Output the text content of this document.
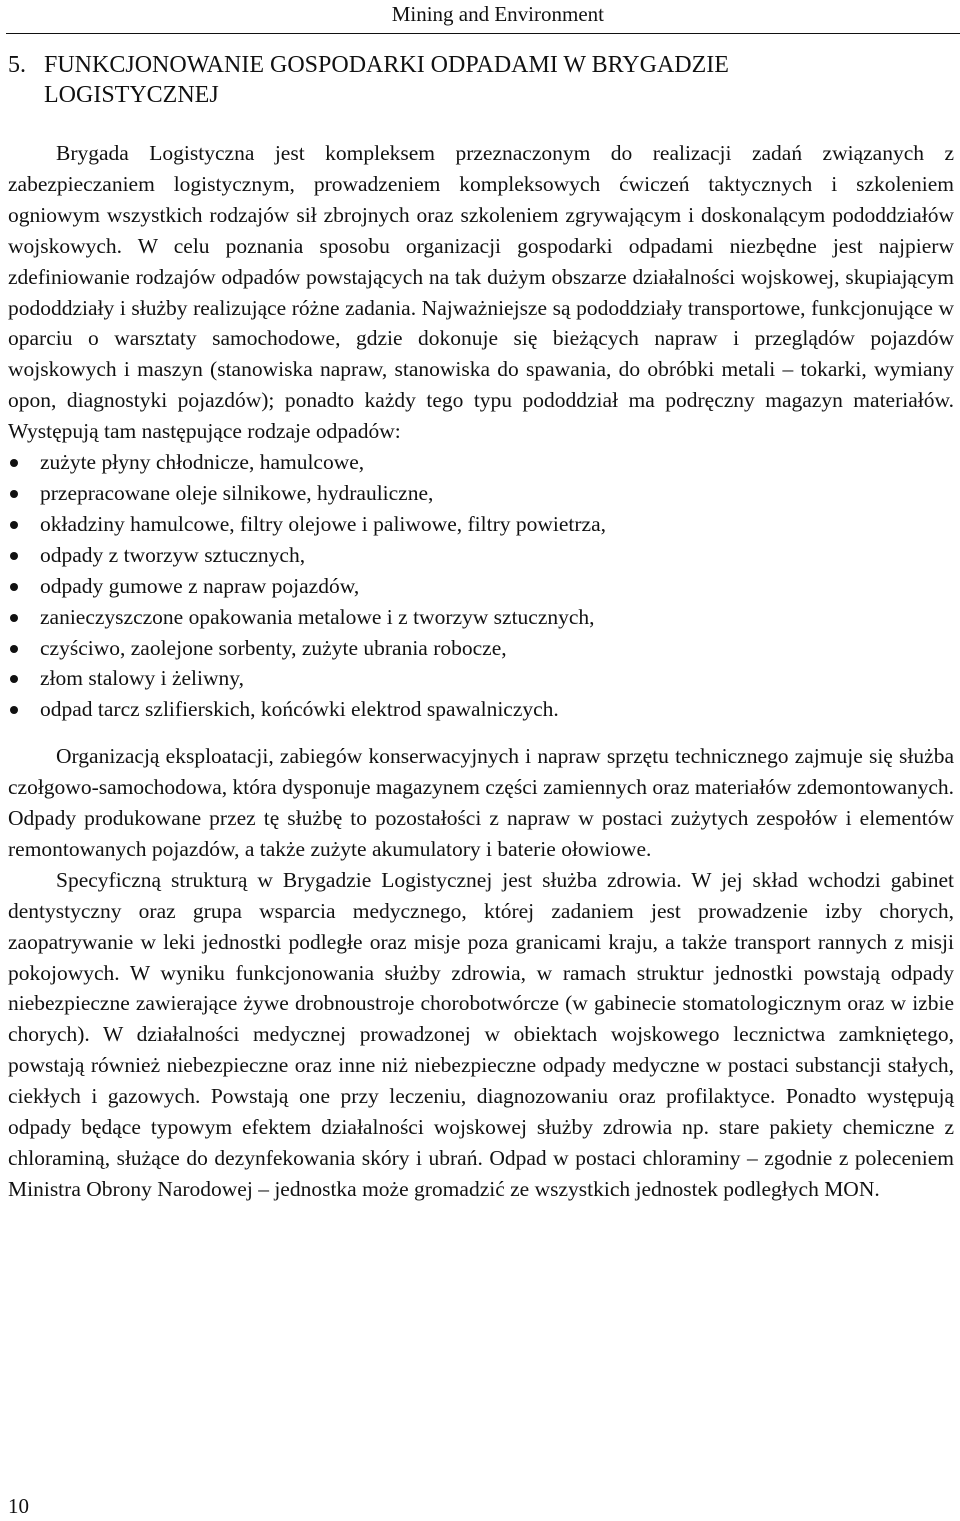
Mining and Environment
5. FUNKCJONOWANIE GOSPODARKI ODPADAMI W BRYGADZIE
LOGISTYCZNEJ

Brygada Logistyczna jest kompleksem przeznaczonym do realizacji zadań związanych z zabezpieczaniem logistycznym, prowadzeniem kompleksowych ćwiczeń taktycznych i szkoleniem ogniowym wszystkich rodzajów sił zbrojnych oraz szkoleniem zgrywającym i doskonalącym pododdziałów wojskowych. W celu poznania sposobu organizacji gospodarki odpadami niezbędne jest najpierw zdefiniowanie rodzajów odpadów powstających na tak dużym obszarze działalności wojskowej, skupiającym pododdziały i służby realizujące różne zadania. Najważniejsze są pododdziały transportowe, funkcjonujące w oparciu o warsztaty samochodowe, gdzie dokonuje się bieżących napraw i przeglądów pojazdów wojskowych i maszyn (stanowiska napraw, stanowiska do spawania, do obróbki metali – tokarki, wymiany opon, diagnostyki pojazdów); ponadto każdy tego typu pododdział ma podręczny magazyn materiałów. Występują tam następujące rodzaje odpadów:

zużyte płyny chłodnicze, hamulcowe,
przepracowane oleje silnikowe, hydrauliczne,
okładziny hamulcowe, filtry olejowe i paliwowe, filtry powietrza,
odpady z tworzyw sztucznych,
odpady gumowe z napraw pojazdów,
zanieczyszczone opakowania metalowe i z tworzyw sztucznych,
czyściwo, zaolejone sorbenty, zużyte ubrania robocze,
złom stalowy i żeliwny,
odpad tarcz szlifierskich, końcówki elektrod spawalniczych.

Organizacją eksploatacji, zabiegów konserwacyjnych i napraw sprzętu technicznego zajmuje się służba czołgowo-samochodowa, która dysponuje magazynem części zamiennych oraz materiałów zdemontowanych. Odpady produkowane przez tę służbę to pozostałości z napraw w postaci zużytych zespołów i elementów remontowanych pojazdów, a także zużyte akumulatory i baterie ołowiowe.

Specyficzną strukturą w Brygadzie Logistycznej jest służba zdrowia. W jej skład wchodzi gabinet dentystyczny oraz grupa wsparcia medycznego, której zadaniem jest prowadzenie izby chorych, zaopatrywanie w leki jednostki podległe oraz misje poza granicami kraju, a także transport rannych z misji pokojowych. W wyniku funkcjonowania służby zdrowia, w ramach struktur jednostki powstają odpady niebezpieczne zawierające żywe drobnoustroje chorobotwórcze (w gabinecie stomatologicznym oraz w izbie chorych). W działalności medycznej prowadzonej w obiektach wojskowego lecznictwa zamkniętego, powstają również niebezpieczne oraz inne niż niebezpieczne odpady medyczne w postaci substancji stałych, ciekłych i gazowych. Powstają one przy leczeniu, diagnozowaniu oraz profilaktyce. Ponadto występują odpady będące typowym efektem działalności wojskowej służby zdrowia np. stare pakiety chemiczne z chloraminą, służące do dezynfekowania skóry i ubrań. Odpad w postaci chloraminy – zgodnie z poleceniem Ministra Obrony Narodowej – jednostka może gromadzić ze wszystkich jednostek podległych MON.

10
